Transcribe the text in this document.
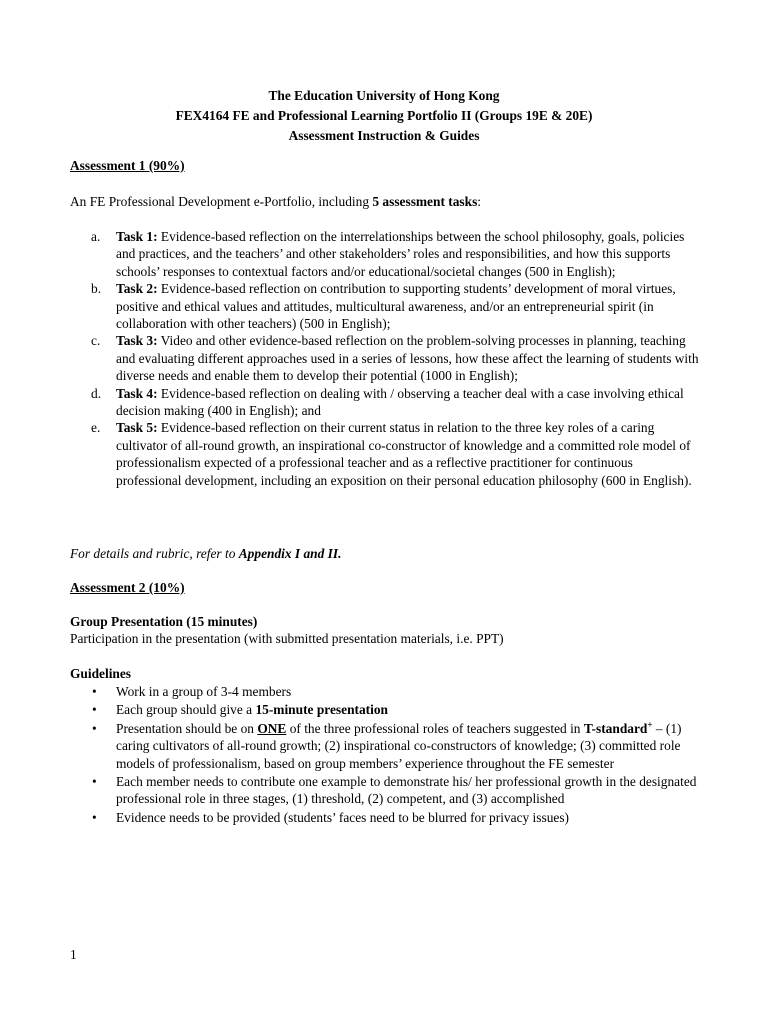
The Education University of Hong Kong
FEX4164 FE and Professional Learning Portfolio II (Groups 19E & 20E)
Assessment Instruction & Guides
Assessment 1 (90%)
An FE Professional Development e-Portfolio, including 5 assessment tasks:
a. Task 1: Evidence-based reflection on the interrelationships between the school philosophy, goals, policies and practices, and the teachers’ and other stakeholders’ roles and responsibilities, and how this supports schools’ responses to contextual factors and/or educational/societal changes (500 in English);
b. Task 2: Evidence-based reflection on contribution to supporting students’ development of moral virtues, positive and ethical values and attitudes, multicultural awareness, and/or an entrepreneurial spirit (in collaboration with other teachers) (500 in English);
c. Task 3: Video and other evidence-based reflection on the problem-solving processes in planning, teaching and evaluating different approaches used in a series of lessons, how these affect the learning of students with diverse needs and enable them to develop their potential (1000 in English);
d. Task 4: Evidence-based reflection on dealing with / observing a teacher deal with a case involving ethical decision making (400 in English); and
e. Task 5: Evidence-based reflection on their current status in relation to the three key roles of a caring cultivator of all-round growth, an inspirational co-constructor of knowledge and a committed role model of professionalism expected of a professional teacher and as a reflective practitioner for continuous professional development, including an exposition on their personal education philosophy (600 in English).
For details and rubric, refer to Appendix I and II.
Assessment 2 (10%)
Group Presentation (15 minutes)
Participation in the presentation (with submitted presentation materials, i.e. PPT)
Guidelines
• Work in a group of 3-4 members
• Each group should give a 15-minute presentation
• Presentation should be on ONE of the three professional roles of teachers suggested in T-standard+ – (1) caring cultivators of all-round growth; (2) inspirational co-constructors of knowledge; (3) committed role models of professionalism, based on group members’ experience throughout the FE semester
• Each member needs to contribute one example to demonstrate his/ her professional growth in the designated professional role in three stages, (1) threshold, (2) competent, and (3) accomplished
• Evidence needs to be provided (students’ faces need to be blurred for privacy issues)
1
